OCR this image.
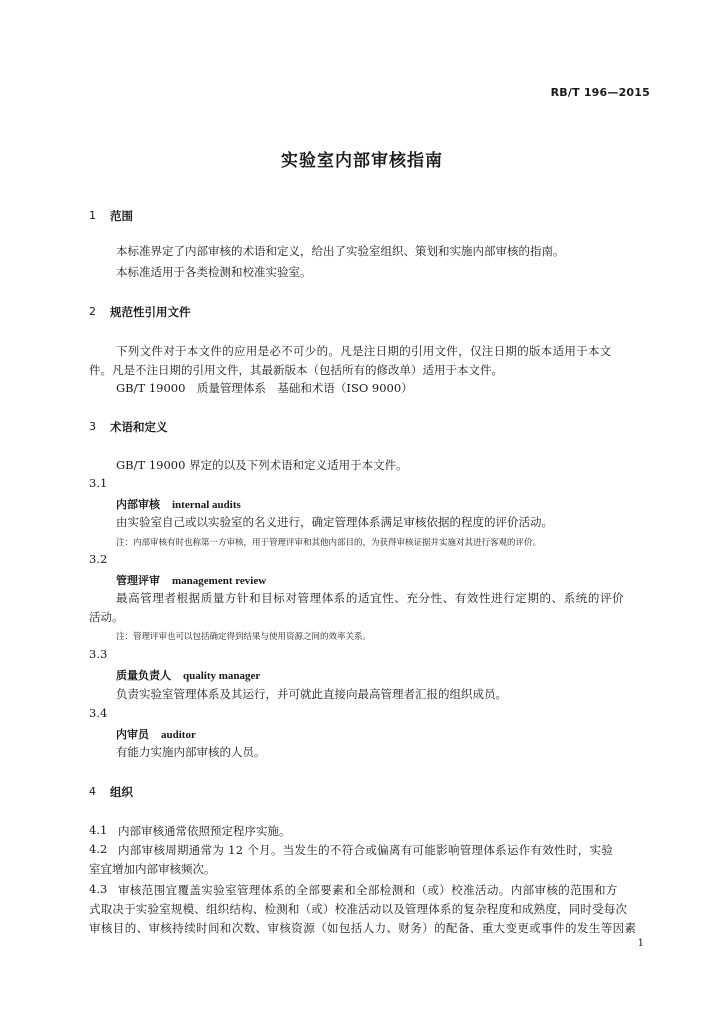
RB/T 196—2015
实验室内部审核指南
1 范围
本标准界定了内部审核的术语和定义，给出了实验室组织、策划和实施内部审核的指南。
本标准适用于各类检测和校准实验室。
2 规范性引用文件
下列文件对于本文件的应用是必不可少的。凡是注日期的引用文件，仅注日期的版本适用于本文
件。凡是不注日期的引用文件，其最新版本（包括所有的修改单）适用于本文件。
GB/T 19000　质量管理体系　基础和术语（ISO 9000）
3 术语和定义
GB/T 19000 界定的以及下列术语和定义适用于本文件。
3.1
内部审核 internal audits
由实验室自己或以实验室的名义进行，确定管理体系满足审核依据的程度的评价活动。
注：内部审核有时也称第一方审核，用于管理评审和其他内部目的，为获得审核证据并实施对其进行客观的评价。
3.2
管理评审 management review
最高管理者根据质量方针和目标对管理体系的适宜性、充分性、有效性进行定期的、系统的评价
活动。
注：管理评审也可以包括确定得到结果与使用资源之间的效率关系。
3.3
质量负责人 quality manager
负责实验室管理体系及其运行，并可就此直接向最高管理者汇报的组织成员。
3.4
内审员 auditor
有能力实施内部审核的人员。
4 组织
4.1 内部审核通常依照预定程序实施。
4.2 内部审核周期通常为 12 个月。当发生的不符合或偏离有可能影响管理体系运作有效性时，实验
室宜增加内部审核频次。
4.3 审核范围宜覆盖实验室管理体系的全部要素和全部检测和（或）校准活动。内部审核的范围和方
式取决于实验室规模、组织结构、检测和（或）校准活动以及管理体系的复杂程度和成熟度，同时受每次
审核目的、审核持续时间和次数、审核资源（如包括人力、财务）的配备、重大变更或事件的发生等因素
1
